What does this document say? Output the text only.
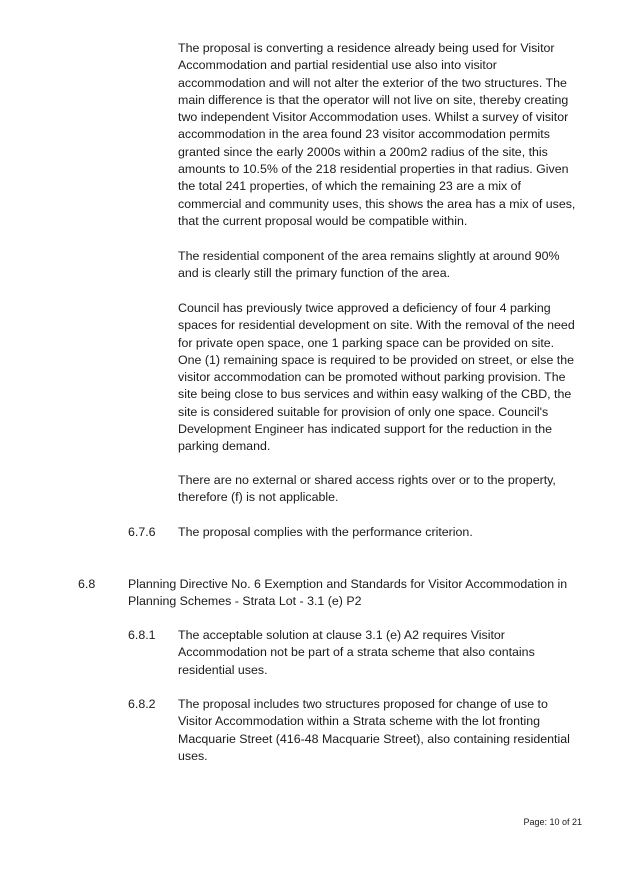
The proposal is converting a residence already being used for Visitor Accommodation and partial residential use also into visitor accommodation and will not alter the exterior of the two structures. The main difference is that the operator will not live on site, thereby creating two independent Visitor Accommodation uses. Whilst a survey of visitor accommodation in the area found 23 visitor accommodation permits granted since the early 2000s within a 200m2 radius of the site, this amounts to 10.5% of the 218 residential properties in that radius. Given the total 241 properties, of which the remaining 23 are a mix of commercial and community uses, this shows the area has a mix of uses, that the current proposal would be compatible within.

The residential component of the area remains slightly at around 90% and is clearly still the primary function of the area.

Council has previously twice approved a deficiency of four 4 parking spaces for residential development on site. With the removal of the need for private open space, one 1 parking space can be provided on site. One (1) remaining space is required to be provided on street, or else the visitor accommodation can be promoted without parking provision. The site being close to bus services and within easy walking of the CBD, the site is considered suitable for provision of only one space. Council's Development Engineer has indicated support for the reduction in the parking demand.

There are no external or shared access rights over or to the property, therefore (f) is not applicable.

6.7.6 The proposal complies with the performance criterion.

6.8	Planning Directive No. 6 Exemption and Standards for Visitor Accommodation in Planning Schemes - Strata Lot - 3.1 (e) P2

6.8.1 The acceptable solution at clause 3.1 (e) A2 requires Visitor Accommodation not be part of a strata scheme that also contains residential uses.

6.8.2 The proposal includes two structures proposed for change of use to Visitor Accommodation within a Strata scheme with the lot fronting Macquarie Street (416-48 Macquarie Street), also containing residential uses.

Page: 10 of 21
